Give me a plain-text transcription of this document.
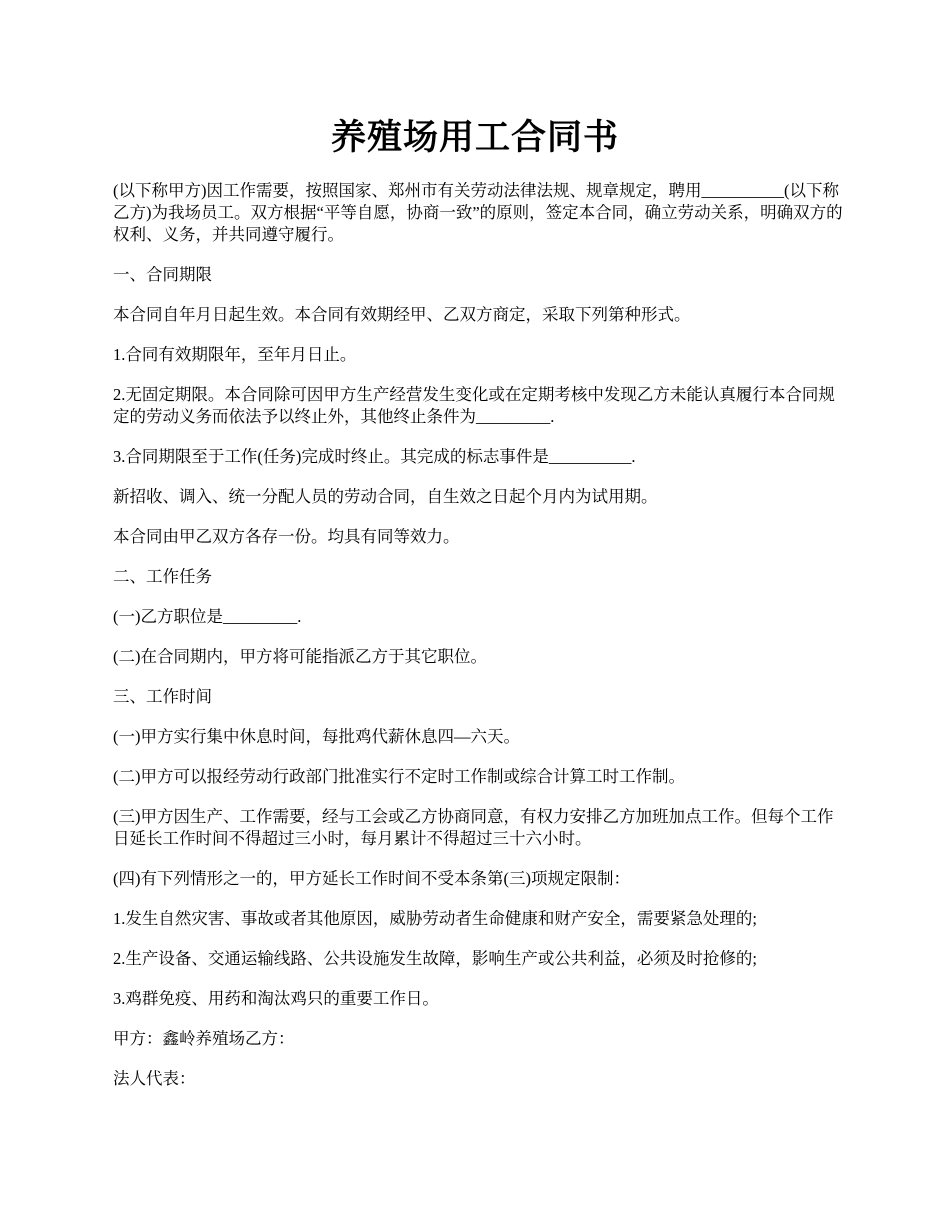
养殖场用工合同书

(以下称甲方)因工作需要，按照国家、郑州市有关劳动法律法规、规章规定，聘用__________(以下称乙方)为我场员工。双方根据“平等自愿，协商一致”的原则，签定本合同，确立劳动关系，明确双方的权利、义务，并共同遵守履行。

一、合同期限

本合同自年月日起生效。本合同有效期经甲、乙双方商定，采取下列第种形式。

1.合同有效期限年，至年月日止。

2.无固定期限。本合同除可因甲方生产经营发生变化或在定期考核中发现乙方未能认真履行本合同规定的劳动义务而依法予以终止外，其他终止条件为_________.

3.合同期限至于工作(任务)完成时终止。其完成的标志事件是__________.

新招收、调入、统一分配人员的劳动合同，自生效之日起个月内为试用期。

本合同由甲乙双方各存一份。均具有同等效力。

二、工作任务

(一)乙方职位是_________.

(二)在合同期内，甲方将可能指派乙方于其它职位。

三、工作时间

(一)甲方实行集中休息时间，每批鸡代薪休息四—六天。

(二)甲方可以报经劳动行政部门批准实行不定时工作制或综合计算工时工作制。

(三)甲方因生产、工作需要，经与工会或乙方协商同意，有权力安排乙方加班加点工作。但每个工作日延长工作时间不得超过三小时，每月累计不得超过三十六小时。

(四)有下列情形之一的，甲方延长工作时间不受本条第(三)项规定限制：

1.发生自然灾害、事故或者其他原因，威胁劳动者生命健康和财产安全，需要紧急处理的;

2.生产设备、交通运输线路、公共设施发生故障，影响生产或公共利益，必须及时抢修的;

3.鸡群免疫、用药和淘汰鸡只的重要工作日。

甲方：鑫岭养殖场乙方：

法人代表：
